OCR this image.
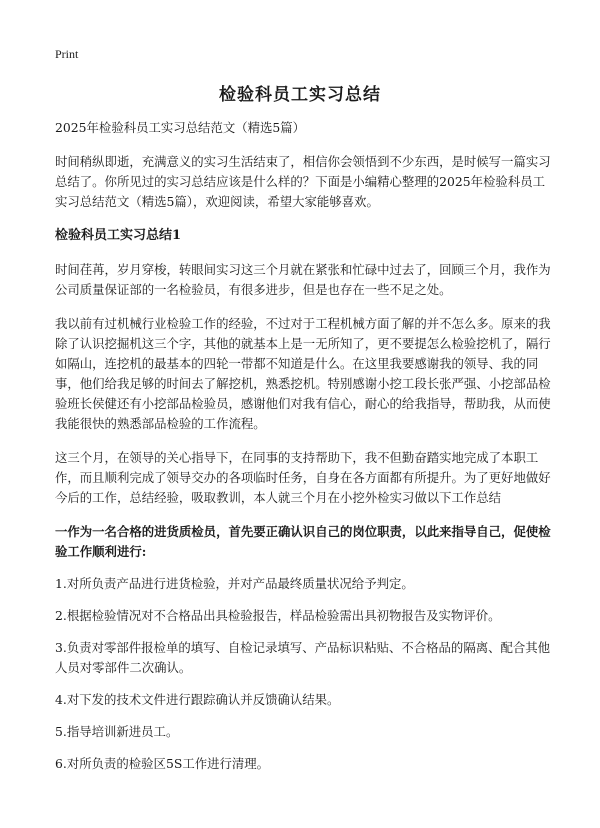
Print
检验科员工实习总结

2025年检验科员工实习总结范文（精选5篇）

时间稍纵即逝，充满意义的实习生活结束了，相信你会领悟到不少东西，是时候写一篇实习总结了。你所见过的实习总结应该是什么样的？下面是小编精心整理的2025年检验科员工实习总结范文（精选5篇），欢迎阅读，希望大家能够喜欢。

检验科员工实习总结1

时间荏苒，岁月穿梭，转眼间实习这三个月就在紧张和忙碌中过去了，回顾三个月，我作为公司质量保证部的一名检验员，有很多进步，但是也存在一些不足之处。

我以前有过机械行业检验工作的经验，不过对于工程机械方面了解的并不怎么多。原来的我除了认识挖掘机这三个字，其他的就基本上是一无所知了，更不要提怎么检验挖机了，隔行如隔山，连挖机的最基本的四轮一带都不知道是什么。在这里我要感谢我的领导、我的同事，他们给我足够的时间去了解挖机，熟悉挖机。特别感谢小挖工段长张严强、小挖部品检验班长侯健还有小挖部品检验员，感谢他们对我有信心，耐心的给我指导，帮助我，从而使我能很快的熟悉部品检验的工作流程。

这三个月，在领导的关心指导下，在同事的支持帮助下，我不但勤奋踏实地完成了本职工作，而且顺利完成了领导交办的各项临时任务，自身在各方面都有所提升。为了更好地做好今后的工作，总结经验，吸取教训，本人就三个月在小挖外检实习做以下工作总结

一作为一名合格的进货质检员，首先要正确认识自己的岗位职责，以此来指导自己，促使检验工作顺利进行:

1.对所负责产品进行进货检验，并对产品最终质量状况给予判定。

2.根据检验情况对不合格品出具检验报告，样品检验需出具初物报告及实物评价。

3.负责对零部件报检单的填写、自检记录填写、产品标识粘贴、不合格品的隔离、配合其他人员对零部件二次确认。

4.对下发的技术文件进行跟踪确认并反馈确认结果。

5.指导培训新进员工。

6.对所负责的检验区5S工作进行清理。
